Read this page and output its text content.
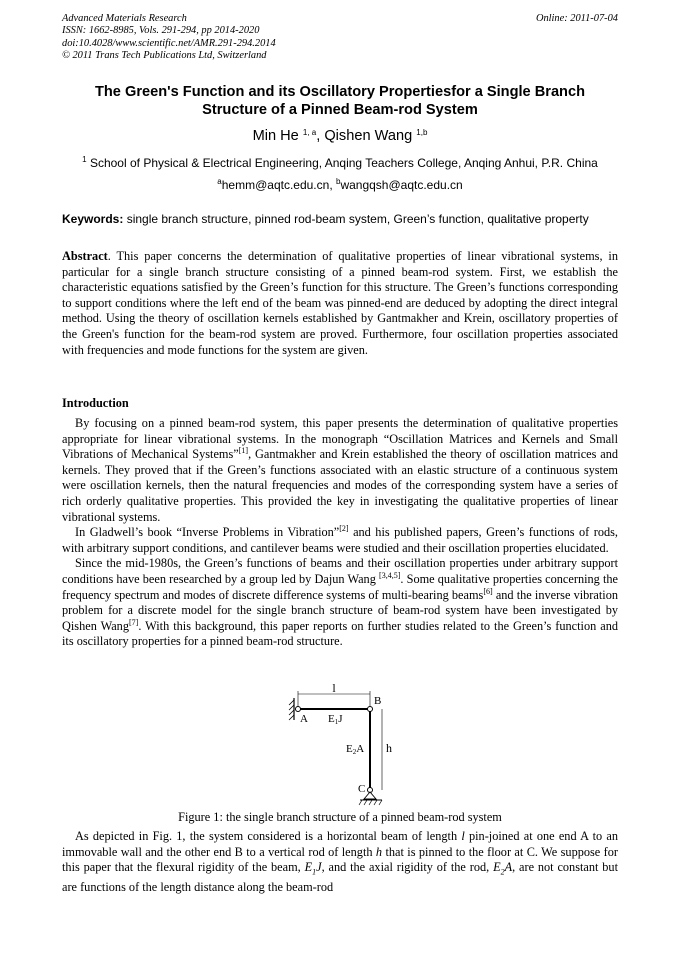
Advanced Materials Research
ISSN: 1662-8985, Vols. 291-294, pp 2014-2020
doi:10.4028/www.scientific.net/AMR.291-294.2014
© 2011 Trans Tech Publications Ltd, Switzerland
Online: 2011-07-04
The Green's Function and its Oscillatory Propertiesfor a Single Branch
Structure of a Pinned Beam-rod System
Min He $^{1, a}$, Qishen Wang $^{1,b}$
$^1$ School of Physical & Electrical Engineering, Anqing Teachers College, Anqing Anhui, P.R. China
$^a$hemm@aqtc.edu.cn, $^b$wangqsh@aqtc.edu.cn
Keywords: single branch structure, pinned rod-beam system, Green’s function, qualitative property
Abstract. This paper concerns the determination of qualitative properties of linear vibrational systems, in particular for a single branch structure consisting of a pinned beam-rod system. First, we establish the characteristic equations satisfied by the Green’s function for this structure. The Green’s functions corresponding to support conditions where the left end of the beam was pinned-end are deduced by adopting the direct integral method. Using the theory of oscillation kernels established by Gantmakher and Krein, oscillatory properties of the Green's function for the beam-rod system are proved. Furthermore, four oscillation properties associated with frequencies and mode functions for the system are given.
Introduction

By focusing on a pinned beam-rod system, this paper presents the determination of qualitative properties appropriate for linear vibrational systems. In the monograph “Oscillation Matrices and Kernels and Small Vibrations of Mechanical Systems”[1], Gantmakher and Krein established the theory of oscillation matrices and kernels. They proved that if the Green’s functions associated with an elastic structure of a continuous system were oscillation kernels, then the natural frequencies and modes of the corresponding system have a series of rich orderly qualitative properties. This provided the key in investigating the qualitative properties of linear vibrational systems.

In Gladwell’s book “Inverse Problems in Vibration”[2] and his published papers, Green’s functions of rods, with arbitrary support conditions, and cantilever beams were studied and their oscillation properties elucidated.

Since the mid-1980s, the Green’s functions of beams and their oscillation properties under arbitrary support conditions have been researched by a group led by Dajun Wang [3,4,5]. Some qualitative properties concerning the frequency spectrum and modes of discrete difference systems of multi-bearing beams[6] and the inverse vibration problem for a discrete model for the single branch structure of beam-rod system have been investigated by Qishen Wang[7]. With this background, this paper reports on further studies related to the Green’s function and its oscillatory properties for a pinned beam-rod structure.

l
A
B
E1J
E2A h
C
Figure 1: the single branch structure of a pinned beam-rod system

As depicted in Fig. 1, the system considered is a horizontal beam of length l pin-joined at one end A to an immovable wall and the other end B to a vertical rod of length h that is pinned to the floor at C. We suppose for this paper that the flexural rigidity of the beam, $E_1J$, and the axial rigidity of the rod, $E_2A$, are not constant but are functions of the length distance along the beam-rod
